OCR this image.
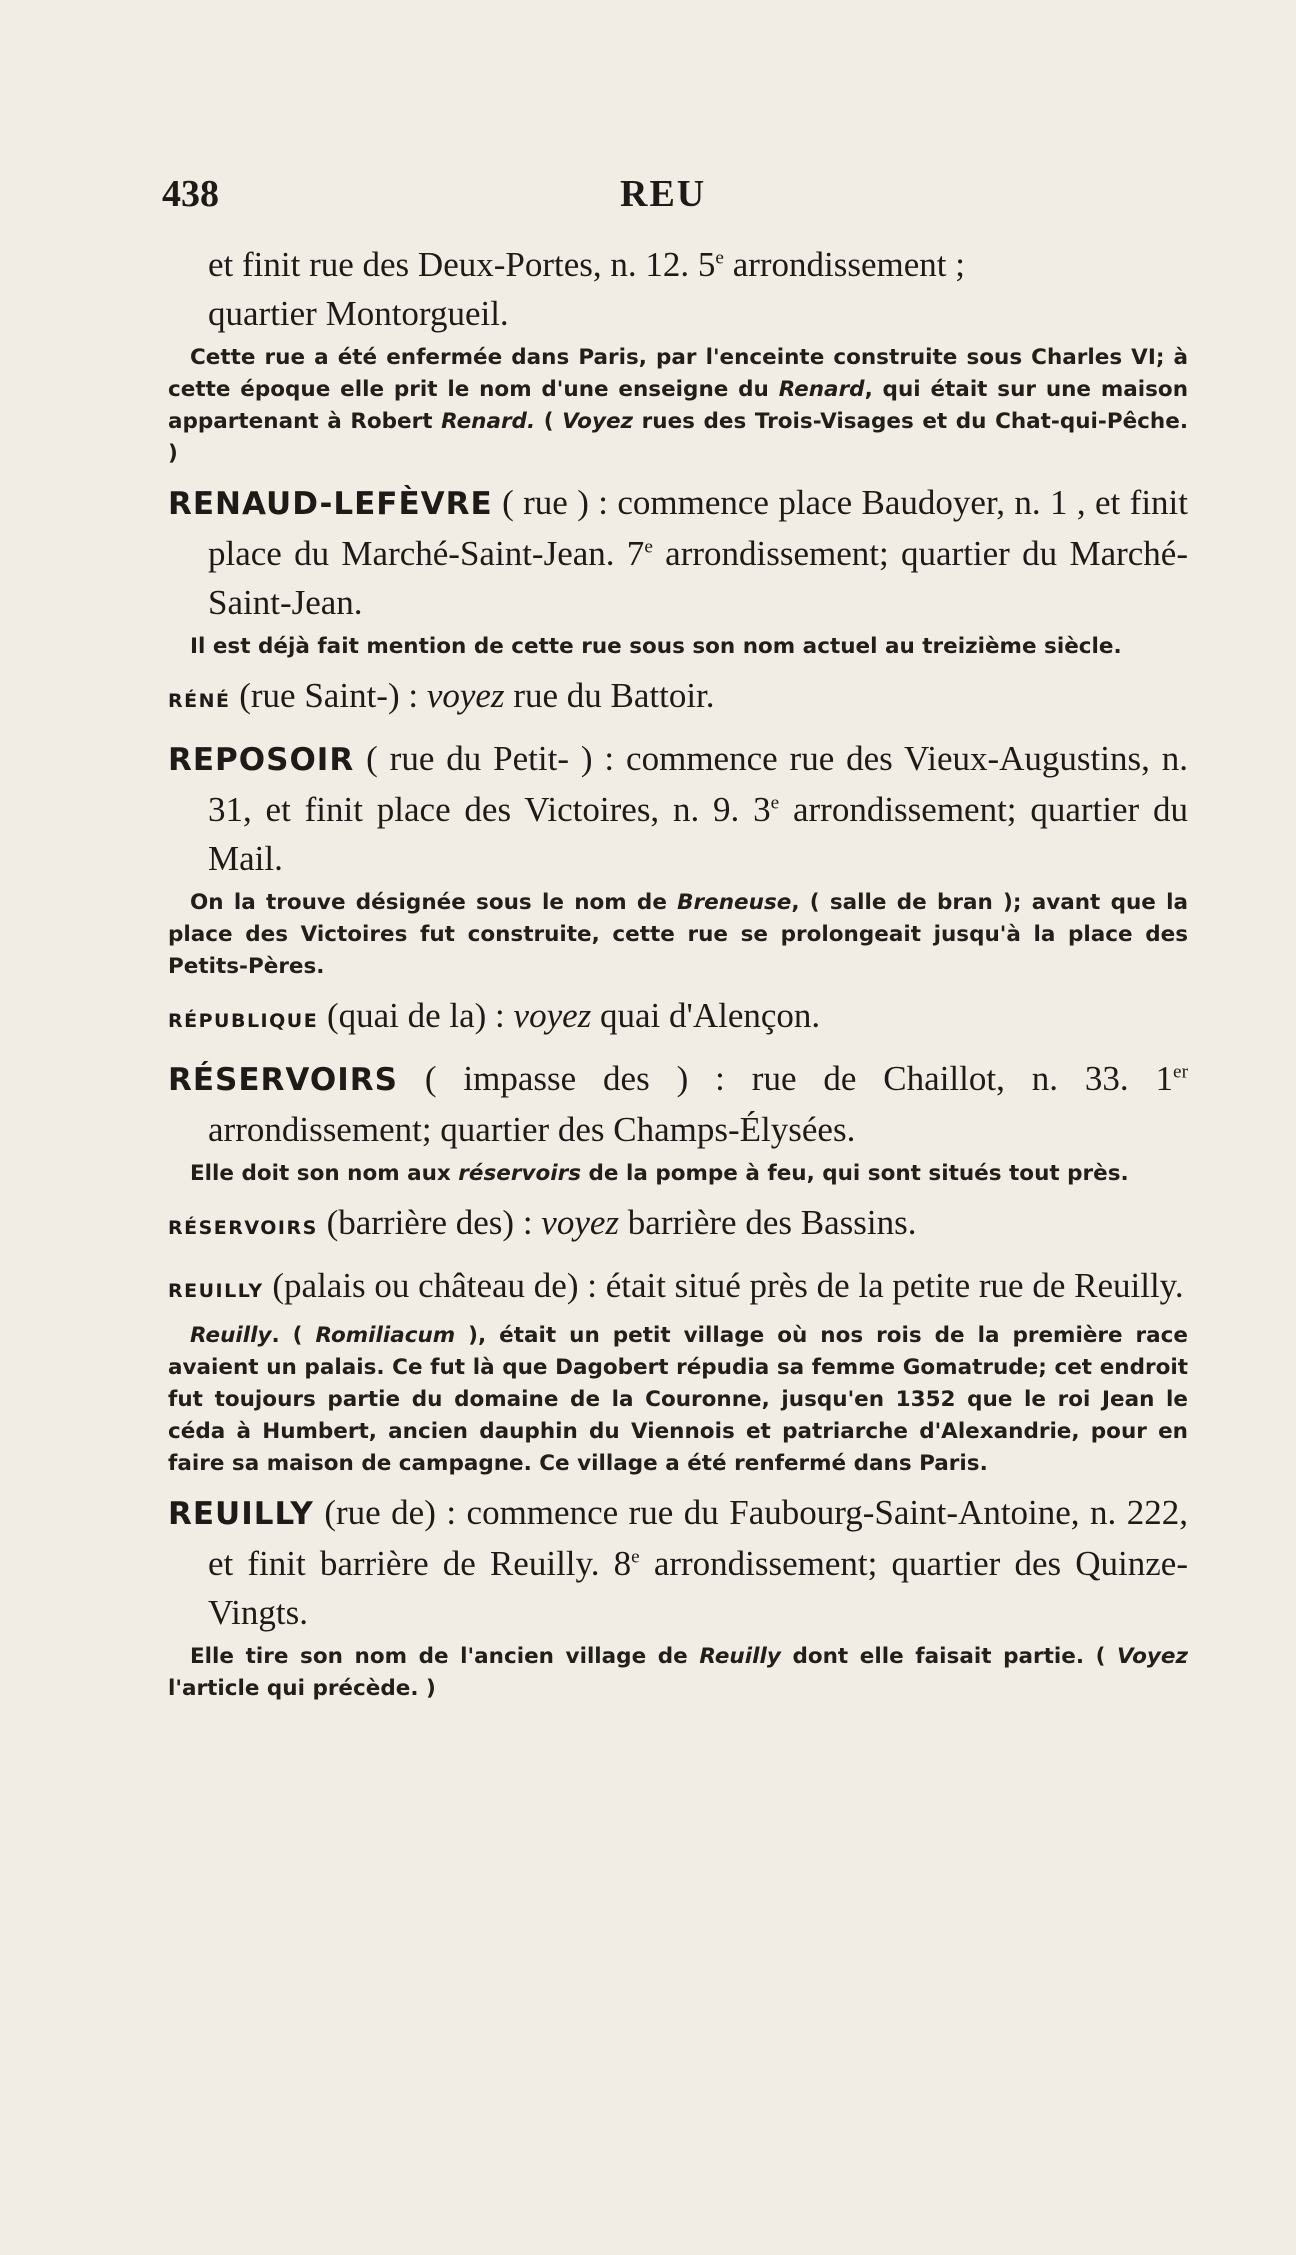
438	REU

et finit rue des Deux-Portes, n. 12. 5e arrondissement ;
quartier Montorgueil.

Cette rue a été enfermée dans Paris, par l'enceinte construite sous Charles VI; à cette époque elle prit le nom d'une enseigne du Renard, qui était sur une maison appartenant à Robert Renard. ( Voyez rues des Trois-Visages et du Chat-qui-Pêche. )

RENAUD-LEFÈVRE ( rue ) : commence place Baudoyer, n. 1 , et finit place du Marché-Saint-Jean. 7e arrondissement; quartier du Marché-Saint-Jean.

Il est déjà fait mention de cette rue sous son nom actuel au treizième siècle.

RÉNÉ (rue Saint-) : voyez rue du Battoir.

REPOSOIR ( rue du Petit- ) : commence rue des Vieux-Augustins, n. 31, et finit place des Victoires, n. 9. 3e arrondissement; quartier du Mail.

On la trouve désignée sous le nom de Breneuse, ( salle de bran ); avant que la place des Victoires fut construite, cette rue se prolongeait jusqu'à la place des Petits-Pères.

RÉPUBLIQUE (quai de la) : voyez quai d'Alençon.

RÉSERVOIRS ( impasse des ) : rue de Chaillot, n. 33. 1er arrondissement; quartier des Champs-Élysées.

Elle doit son nom aux réservoirs de la pompe à feu, qui sont situés tout près.

RÉSERVOIRS (barrière des) : voyez barrière des Bassins.

REUILLY (palais ou château de) : était situé près de la petite rue de Reuilly.

Reuilly. ( Romiliacum ), était un petit village où nos rois de la première race avaient un palais. Ce fut là que Dagobert répudia sa femme Gomatrude; cet endroit fut toujours partie du domaine de la Couronne, jusqu'en 1352 que le roi Jean le céda à Humbert, ancien dauphin du Viennois et patriarche d'Alexandrie, pour en faire sa maison de campagne. Ce village a été renfermé dans Paris.

REUILLY (rue de) : commence rue du Faubourg-Saint-Antoine, n. 222, et finit barrière de Reuilly. 8e arrondissement; quartier des Quinze-Vingts.

Elle tire son nom de l'ancien village de Reuilly dont elle faisait partie. ( Voyez l'article qui précède. )
